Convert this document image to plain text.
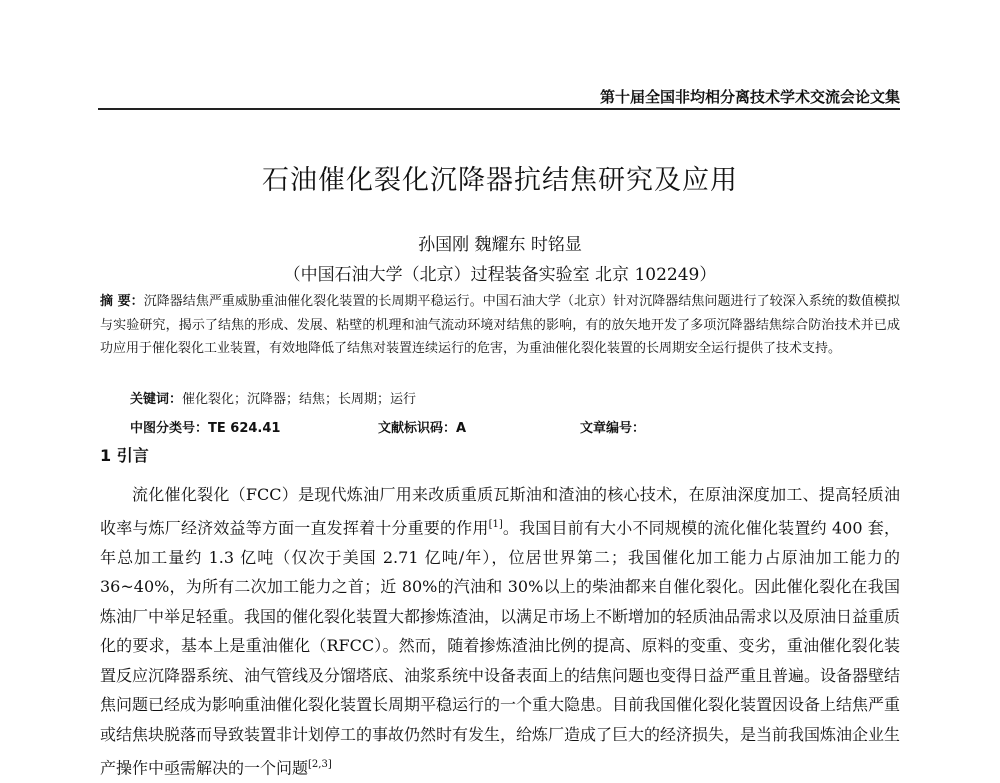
第十届全国非均相分离技术学术交流会论文集
石油催化裂化沉降器抗结焦研究及应用
孙国刚 魏耀东 时铭显
（中国石油大学（北京）过程装备实验室 北京 102249）
摘 要：沉降器结焦严重威胁重油催化裂化装置的长周期平稳运行。中国石油大学（北京）针对沉降器结焦问题进行了较深入系统的数值模拟与实验研究，揭示了结焦的形成、发展、粘壁的机理和油气流动环境对结焦的影响，有的放矢地开发了多项沉降器结焦综合防治技术并已成功应用于催化裂化工业装置，有效地降低了结焦对装置连续运行的危害，为重油催化裂化装置的长周期安全运行提供了技术支持。
关键词：催化裂化；沉降器；结焦；长周期；运行
中图分类号：TE 624.41	文献标识码：A	文章编号：
1 引言
流化催化裂化（FCC）是现代炼油厂用来改质重质瓦斯油和渣油的核心技术，在原油深度加工、提高轻质油收率与炼厂经济效益等方面一直发挥着十分重要的作用[1]。我国目前有大小不同规模的流化催化装置约 400 套，年总加工量约 1.3 亿吨（仅次于美国 2.71 亿吨/年），位居世界第二；我国催化加工能力占原油加工能力的 36~40%，为所有二次加工能力之首；近 80%的汽油和 30%以上的柴油都来自催化裂化。因此催化裂化在我国炼油厂中举足轻重。我国的催化裂化装置大都掺炼渣油，以满足市场上不断增加的轻质油品需求以及原油日益重质化的要求，基本上是重油催化（RFCC）。然而，随着掺炼渣油比例的提高、原料的变重、变劣，重油催化裂化装置反应沉降器系统、油气管线及分馏塔底、油浆系统中设备表面上的结焦问题也变得日益严重且普遍。设备器壁结焦问题已经成为影响重油催化裂化装置长周期平稳运行的一个重大隐患。目前我国催化裂化装置因设备上结焦严重或结焦块脱落而导致装置非计划停工的事故仍然时有发生，给炼厂造成了巨大的经济损失，是当前我国炼油企业生产操作中亟需解决的一个问题[2,3]
